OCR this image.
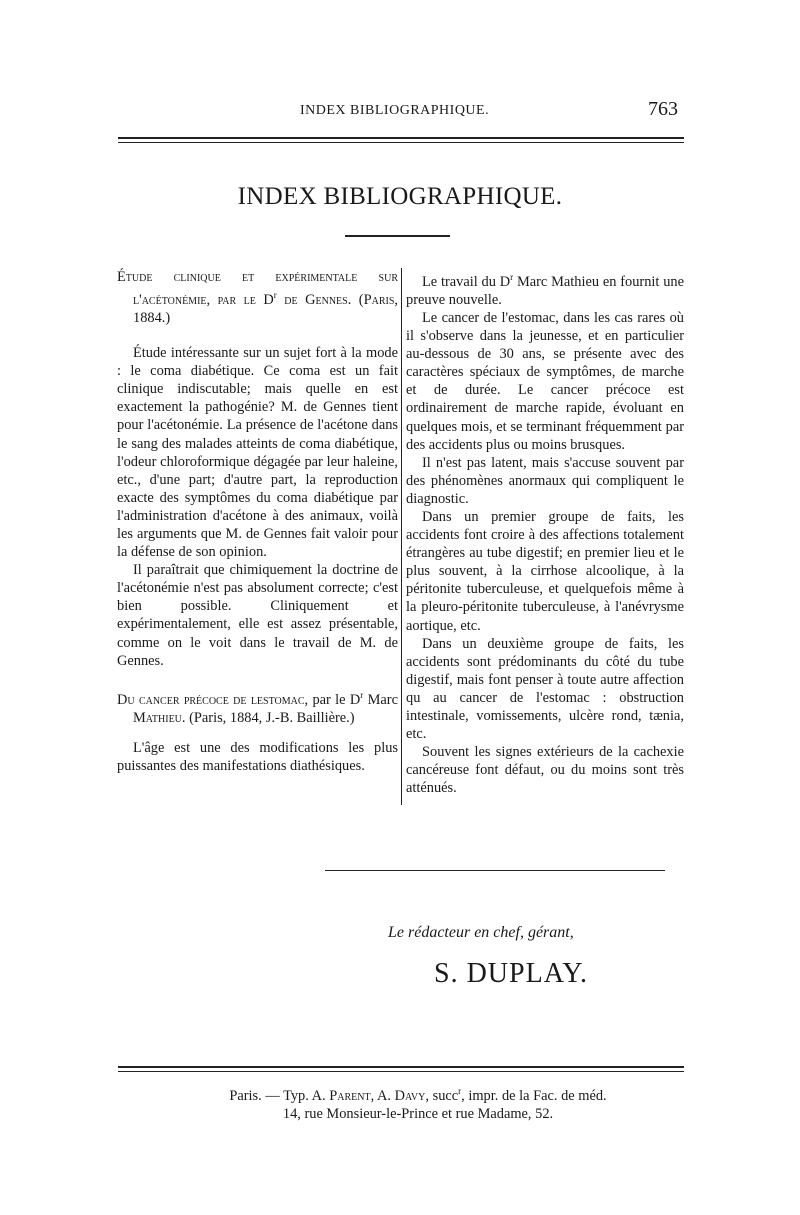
INDEX BIBLIOGRAPHIQUE.	763
INDEX BIBLIOGRAPHIQUE.

Étude clinique et expérimentale sur l'acétonémie, par le $D^r$ de Gennes. (Paris, 1884.)

Étude intéressante sur un sujet fort à la mode : le coma diabétique. Ce coma est un fait clinique indiscutable; mais quelle en est exactement la pathogénie? M. de Gennes tient pour l'acétonémie. La présence de l'acétone dans le sang des malades atteints de coma diabétique, l'odeur chloroformique dégagée par leur haleine, etc., d'une part; d'autre part, la reproduction exacte des symptômes du coma diabétique par l'administration d'acétone à des animaux, voilà les arguments que M. de Gennes fait valoir pour la défense de son opinion.

Il paraîtrait que chimiquement la doctrine de l'acétonémie n'est pas absolument correcte; c'est bien possible. Cliniquement et expérimentalement, elle est assez présentable, comme on le voit dans le travail de M. de Gennes.

Du cancer précoce de lestomac, par le $D^r$ Marc Mathieu. (Paris, 1884, J.-B. Baillière.)

L'âge est une des modifications les plus puissantes des manifestations diathésiques.

Le travail du $D^r$ Marc Mathieu en fournit une preuve nouvelle.

Le cancer de l'estomac, dans les cas rares où il s'observe dans la jeunesse, et en particulier au-dessous de 30 ans, se présente avec des caractères spéciaux de symptômes, de marche et de durée. Le cancer précoce est ordinairement de marche rapide, évoluant en quelques mois, et se terminant fréquemment par des accidents plus ou moins brusques.

Il n'est pas latent, mais s'accuse souvent par des phénomènes anormaux qui compliquent le diagnostic.

Dans un premier groupe de faits, les accidents font croire à des affections totalement étrangères au tube digestif; en premier lieu et le plus souvent, à la cirrhose alcoolique, à la péritonite tuberculeuse, et quelquefois même à la pleuro-péritonite tuberculeuse, à l'anévrysme aortique, etc.

Dans un deuxième groupe de faits, les accidents sont prédominants du côté du tube digestif, mais font penser à toute autre affection qu au cancer de l'estomac : obstruction intestinale, vomissements, ulcère rond, tænia, etc.

Souvent les signes extérieurs de la cachexie cancéreuse font défaut, ou du moins sont très atténués.

Le rédacteur en chef, gérant,
S. DUPLAY.
Paris. — Typ. A. Parent, A. Davy, succ$^r$, impr. de la Fac. de méd.
14, rue Monsieur-le-Prince et rue Madame, 52.
